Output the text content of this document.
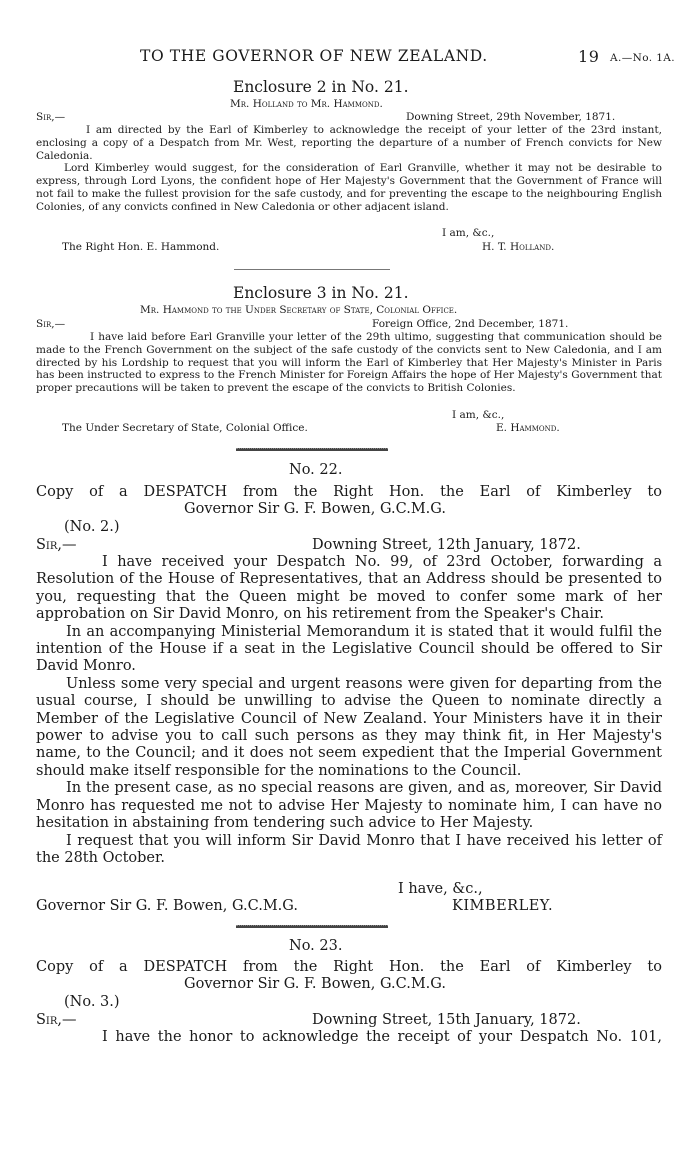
TO THE GOVERNOR OF NEW ZEALAND.	19 A.—No. 1A.
Enclosure 2 in No. 21.
Mr. Holland to Mr. Hammond.
Sir,—	Downing Street, 29th November, 1871.

I am directed by the Earl of Kimberley to acknowledge the receipt of your letter of the 23rd instant, enclosing a copy of a Despatch from Mr. West, reporting the departure of a number of French convicts for New Caledonia.

Lord Kimberley would suggest, for the consideration of Earl Granville, whether it may not be desirable to express, through Lord Lyons, the confident hope of Her Majesty's Government that the Government of France will not fail to make the fullest provision for the safe custody, and for preventing the escape to the neighbouring English Colonies, of any convicts confined in New Caledonia or other adjacent island.

I am, &c.,
The Right Hon. E. Hammond.	H. T. Holland.
Enclosure 3 in No. 21.
Mr. Hammond to the Under Secretary of State, Colonial Office.
Sir,—	Foreign Office, 2nd December, 1871.

I have laid before Earl Granville your letter of the 29th ultimo, suggesting that communication should be made to the French Government on the subject of the safe custody of the convicts sent to New Caledonia, and I am directed by his Lordship to request that you will inform the Earl of Kimberley that Her Majesty's Minister in Paris has been instructed to express to the French Minister for Foreign Affairs the hope of Her Majesty's Government that proper precautions will be taken to prevent the escape of the convicts to British Colonies.

I am, &c.,
The Under Secretary of State, Colonial Office.	E. Hammond.
No. 22.

Copy of a DESPATCH from the Right Hon. the Earl of Kimberley to

Governor Sir G. F. Bowen, G.C.M.G.

(No. 2.)
Sir,—	Downing Street, 12th January, 1872.

I have received your Despatch No. 99, of 23rd October, forwarding a Resolution of the House of Representatives, that an Address should be presented to you, requesting that the Queen might be moved to confer some mark of her approbation on Sir David Monro, on his retirement from the Speaker's Chair.

In an accompanying Ministerial Memorandum it is stated that it would fulfil the intention of the House if a seat in the Legislative Council should be offered to Sir David Monro.

Unless some very special and urgent reasons were given for departing from the usual course, I should be unwilling to advise the Queen to nominate directly a Member of the Legislative Council of New Zealand. Your Ministers have it in their power to advise you to call such persons as they may think fit, in Her Majesty's name, to the Council; and it does not seem expedient that the Imperial Government should make itself responsible for the nominations to the Council.

In the present case, as no special reasons are given, and as, moreover, Sir David Monro has requested me not to advise Her Majesty to nominate him, I can have no hesitation in abstaining from tendering such advice to Her Majesty.

I request that you will inform Sir David Monro that I have received his letter of the 28th October.

I have, &c.,
Governor Sir G. F. Bowen, G.C.M.G.	KIMBERLEY.
No. 23.

Copy of a DESPATCH from the Right Hon. the Earl of Kimberley to

Governor Sir G. F. Bowen, G.C.M.G.

(No. 3.)
Sir,—	Downing Street, 15th January, 1872.

I have the honor to acknowledge the receipt of your Despatch No. 101,
